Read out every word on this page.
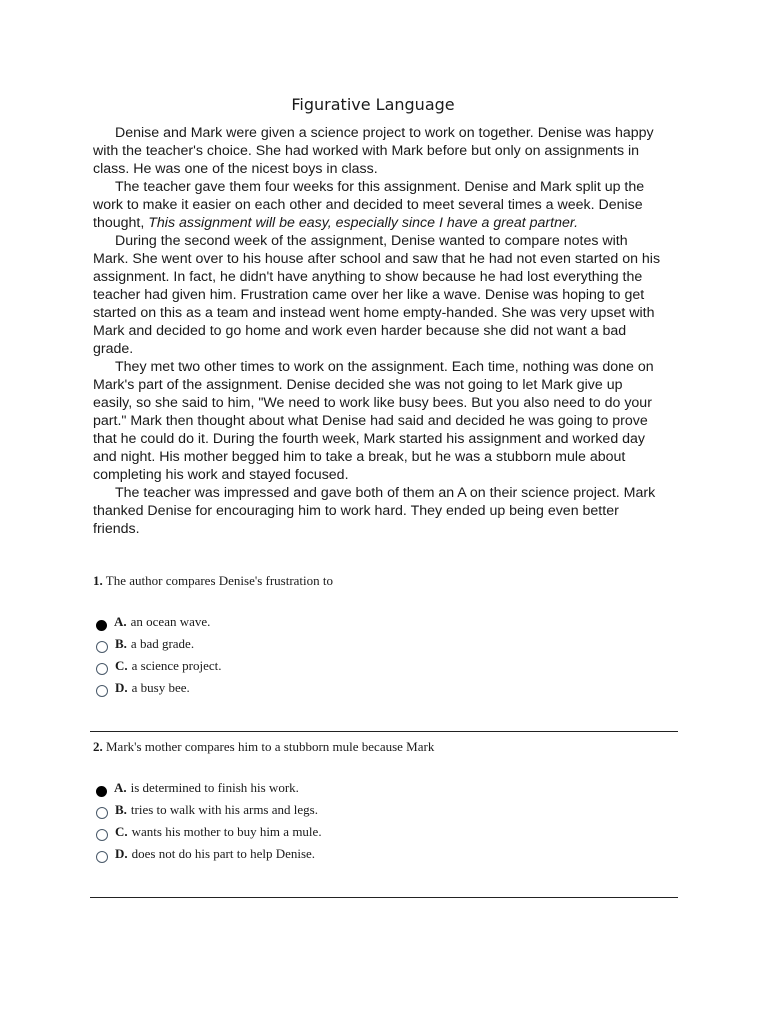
Figurative Language

Denise and Mark were given a science project to work on together. Denise was happy with the teacher's choice. She had worked with Mark before but only on assignments in class. He was one of the nicest boys in class.

The teacher gave them four weeks for this assignment. Denise and Mark split up the work to make it easier on each other and decided to meet several times a week. Denise thought, This assignment will be easy, especially since I have a great partner.

During the second week of the assignment, Denise wanted to compare notes with Mark. She went over to his house after school and saw that he had not even started on his assignment. In fact, he didn't have anything to show because he had lost everything the teacher had given him. Frustration came over her like a wave. Denise was hoping to get started on this as a team and instead went home empty-handed. She was very upset with Mark and decided to go home and work even harder because she did not want a bad grade.

They met two other times to work on the assignment. Each time, nothing was done on Mark's part of the assignment. Denise decided she was not going to let Mark give up easily, so she said to him, "We need to work like busy bees. But you also need to do your part." Mark then thought about what Denise had said and decided he was going to prove that he could do it. During the fourth week, Mark started his assignment and worked day and night. His mother begged him to take a break, but he was a stubborn mule about completing his work and stayed focused.

The teacher was impressed and gave both of them an A on their science project. Mark thanked Denise for encouraging him to work hard. They ended up being even better friends.

1. The author compares Denise's frustration to

A. an ocean wave.
B. a bad grade.
C. a science project.
D. a busy bee.

2. Mark's mother compares him to a stubborn mule because Mark

A. is determined to finish his work.
B. tries to walk with his arms and legs.
C. wants his mother to buy him a mule.
D. does not do his part to help Denise.
